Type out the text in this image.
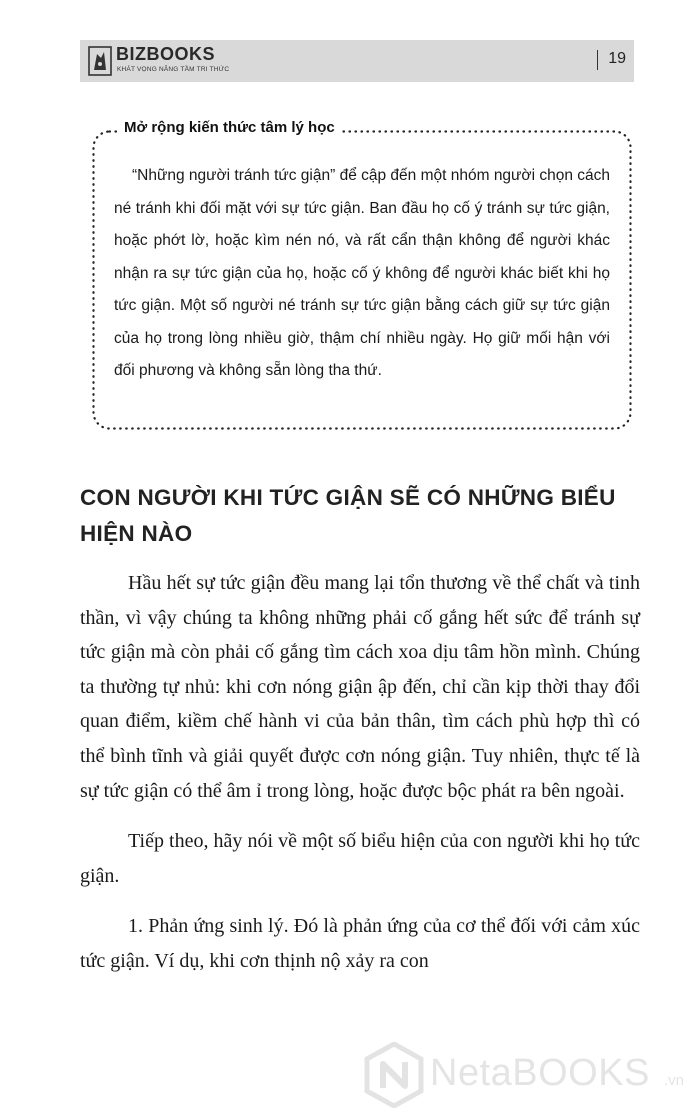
BIZBOOKS
KHÁT VỌNG NÂNG TẦM TRI THỨC
19
Mở rộng kiến thức tâm lý học

“Những người tránh tức giận” để cập đến một nhóm người chọn cách né tránh khi đối mặt với sự tức giận. Ban đầu họ cố ý tránh sự tức giận, hoặc phớt lờ, hoặc kìm nén nó, và rất cẩn thận không để người khác nhận ra sự tức giận của họ, hoặc cố ý không để người khác biết khi họ tức giận. Một số người né tránh sự tức giận bằng cách giữ sự tức giận của họ trong lòng nhiều giờ, thậm chí nhiều ngày. Họ giữ mối hận với đối phương và không sẵn lòng tha thứ.

CON NGƯỜI KHI TỨC GIẬN SẼ CÓ NHỮNG BIỂU HIỆN NÀO

Hầu hết sự tức giận đều mang lại tổn thương về thể chất và tinh thần, vì vậy chúng ta không những phải cố gắng hết sức để tránh sự tức giận mà còn phải cố gắng tìm cách xoa dịu tâm hồn mình. Chúng ta thường tự nhủ: khi cơn nóng giận ập đến, chỉ cần kịp thời thay đổi quan điểm, kiềm chế hành vi của bản thân, tìm cách phù hợp thì có thể bình tĩnh và giải quyết được cơn nóng giận. Tuy nhiên, thực tế là sự tức giận có thể âm ỉ trong lòng, hoặc được bộc phát ra bên ngoài.

Tiếp theo, hãy nói về một số biểu hiện của con người khi họ tức giận.

1. Phản ứng sinh lý. Đó là phản ứng của cơ thể đối với cảm xúc tức giận. Ví dụ, khi cơn thịnh nộ xảy ra con

NetaBOOKS .vn
